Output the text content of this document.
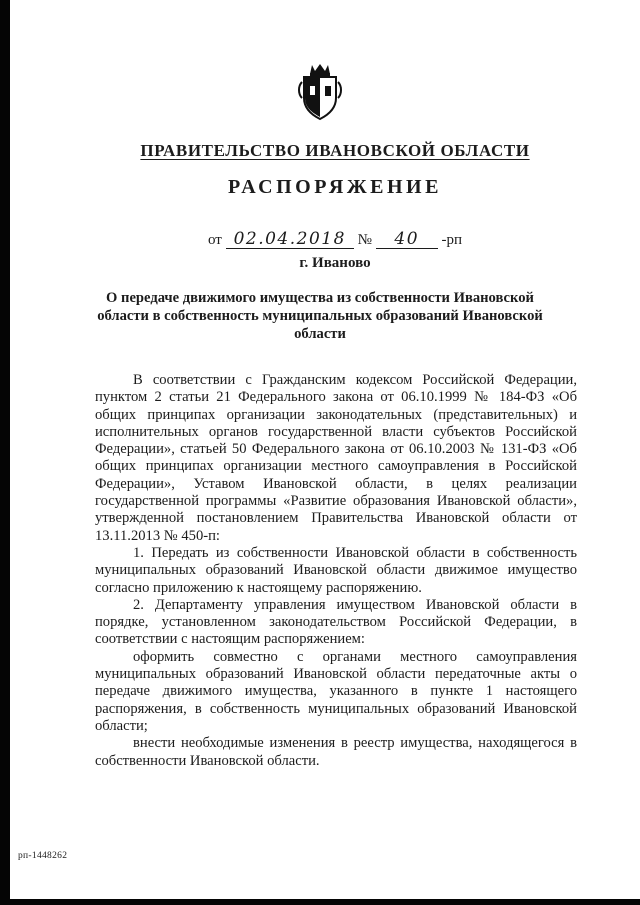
ПРАВИТЕЛЬСТВО ИВАНОВСКОЙ ОБЛАСТИ
РАСПОРЯЖЕНИЕ
от 02.04.2018 № 40 -рп
г. Иваново
О передаче движимого имущества из собственности Ивановской области в собственность муниципальных образований Ивановской области

В соответствии с Гражданским кодексом Российской Федерации, пунктом 2 статьи 21 Федерального закона от 06.10.1999 № 184-ФЗ «Об общих принципах организации законодательных (представительных) и исполнительных органов государственной власти субъектов Российской Федерации», статьей 50 Федерального закона от 06.10.2003 № 131-ФЗ «Об общих принципах организации местного самоуправления в Российской Федерации», Уставом Ивановской области, в целях реализации государственной программы «Развитие образования Ивановской области», утвержденной постановлением Правительства Ивановской области от 13.11.2013 № 450-п:

1. Передать из собственности Ивановской области в собственность муниципальных образований Ивановской области движимое имущество согласно приложению к настоящему распоряжению.

2. Департаменту управления имуществом Ивановской области в порядке, установленном законодательством Российской Федерации, в соответствии с настоящим распоряжением:

оформить совместно с органами местного самоуправления муниципальных образований Ивановской области передаточные акты о передаче движимого имущества, указанного в пункте 1 настоящего распоряжения, в собственность муниципальных образований Ивановской области;

внести необходимые изменения в реестр имущества, находящегося в собственности Ивановской области.

рп-1448262
